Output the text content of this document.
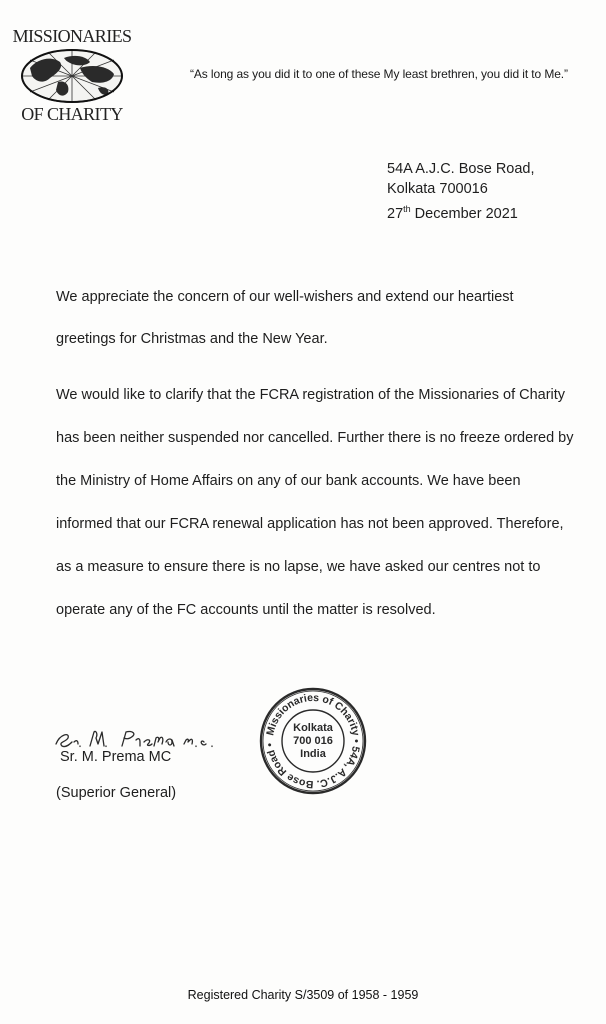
MISSIONARIES
OF CHARITY
“As long as you did it to one of these My least brethren, you did it to Me.”
54A A.J.C. Bose Road,
Kolkata 700016
27th December 2021

We appreciate the concern of our well-wishers and extend our heartiest

greetings for Christmas and the New Year.

We would like to clarify that the FCRA registration of the Missionaries of Charity

has been neither suspended nor cancelled. Further there is no freeze ordered by

the Ministry of Home Affairs on any of our bank accounts. We have been

informed that our FCRA renewal application has not been approved. Therefore,

as a measure to ensure there is no lapse, we have asked our centres not to

operate any of the FC accounts until the matter is resolved.

Sr. M. Prema MC
(Superior General)
Missionaries of Charity • 54A, A.J.C. Bose Road •
Kolkata
700 016
India
Registered Charity S/3509 of 1958 - 1959
